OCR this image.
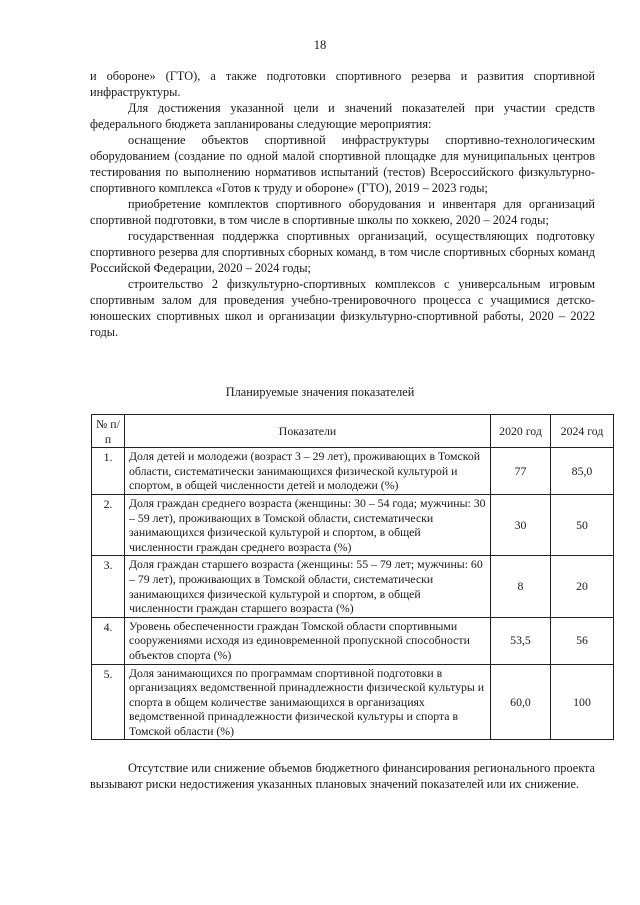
18

и обороне» (ГТО), а также подготовки спортивного резерва и развития спортивной инфраструктуры.

Для достижения указанной цели и значений показателей при участии средств федерального бюджета запланированы следующие мероприятия:

оснащение объектов спортивной инфраструктуры спортивно-технологическим оборудованием (создание по одной малой спортивной площадке для муниципальных центров тестирования по выполнению нормативов испытаний (тестов) Всероссийского физкультурно-спортивного комплекса «Готов к труду и обороне» (ГТО), 2019 – 2023 годы;

приобретение комплектов спортивного оборудования и инвентаря для организаций спортивной подготовки, в том числе в спортивные школы по хоккею, 2020 – 2024 годы;

государственная поддержка спортивных организаций, осуществляющих подготовку спортивного резерва для спортивных сборных команд, в том числе спортивных сборных команд Российской Федерации, 2020 – 2024 годы;

строительство 2 физкультурно-спортивных комплексов с универсальным игровым спортивным залом для проведения учебно-тренировочного процесса с учащимися детско-юношеских спортивных школ и организации физкультурно-спортивной работы, 2020 – 2022 годы.

Планируемые значения показателей
№ п/п	Показатели	2020 год	2024 год
1.	Доля детей и молодежи (возраст 3 – 29 лет), проживающих в Томской области, систематически занимающихся физической культурой и спортом, в общей численности детей и молодежи (%)	77	85,0
2.	Доля граждан среднего возраста (женщины: 30 – 54 года; мужчины: 30 – 59 лет), проживающих в Томской области, систематически занимающихся физической культурой и спортом, в общей численности граждан среднего возраста (%)	30	50
3.	Доля граждан старшего возраста (женщины: 55 – 79 лет; мужчины: 60 – 79 лет), проживающих в Томской области, систематически занимающихся физической культурой и спортом, в общей численности граждан старшего возраста (%)	8	20
4.	Уровень обеспеченности граждан Томской области спортивными сооружениями исходя из единовременной пропускной способности объектов спорта (%)	53,5	56
5.	Доля занимающихся по программам спортивной подготовки в организациях ведомственной принадлежности физической культуры и спорта в общем количестве занимающихся в организациях ведомственной принадлежности физической культуры и спорта в Томской области (%)	60,0	100

Отсутствие или снижение объемов бюджетного финансирования регионального проекта вызывают риски недостижения указанных плановых значений показателей или их снижение.
